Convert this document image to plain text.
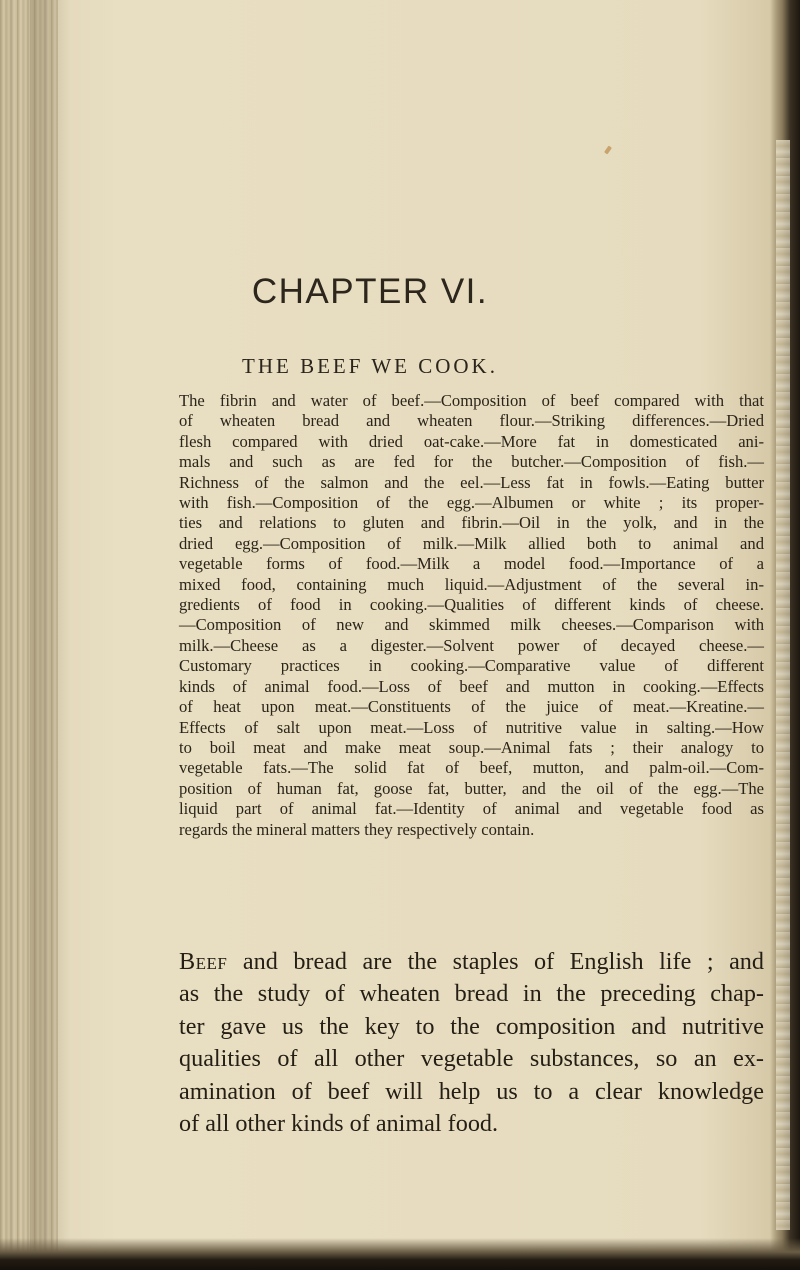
CHAPTER VI.
THE BEEF WE COOK.

The fibrin and water of beef.—Composition of beef compared with that
of wheaten bread and wheaten flour.—Striking differences.—Dried
flesh compared with dried oat-cake.—More fat in domesticated ani-
mals and such as are fed for the butcher.—Composition of fish.—
Richness of the salmon and the eel.—Less fat in fowls.—Eating butter
with fish.—Composition of the egg.—Albumen or white ; its proper-
ties and relations to gluten and fibrin.—Oil in the yolk, and in the
dried egg.—Composition of milk.—Milk allied both to animal and
vegetable forms of food.—Milk a model food.—Importance of a
mixed food, containing much liquid.—Adjustment of the several in-
gredients of food in cooking.—Qualities of different kinds of cheese.
—Composition of new and skimmed milk cheeses.—Comparison with
milk.—Cheese as a digester.—Solvent power of decayed cheese.—
Customary practices in cooking.—Comparative value of different
kinds of animal food.—Loss of beef and mutton in cooking.—Effects
of heat upon meat.—Constituents of the juice of meat.—Kreatine.—
Effects of salt upon meat.—Loss of nutritive value in salting.—How
to boil meat and make meat soup.—Animal fats ; their analogy to
vegetable fats.—The solid fat of beef, mutton, and palm-oil.—Com-
position of human fat, goose fat, butter, and the oil of the egg.—The
liquid part of animal fat.—Identity of animal and vegetable food as
regards the mineral matters they respectively contain.

Beef and bread are the staples of English life ; and
as the study of wheaten bread in the preceding chap-
ter gave us the key to the composition and nutritive
qualities of all other vegetable substances, so an ex-
amination of beef will help us to a clear knowledge
of all other kinds of animal food.
